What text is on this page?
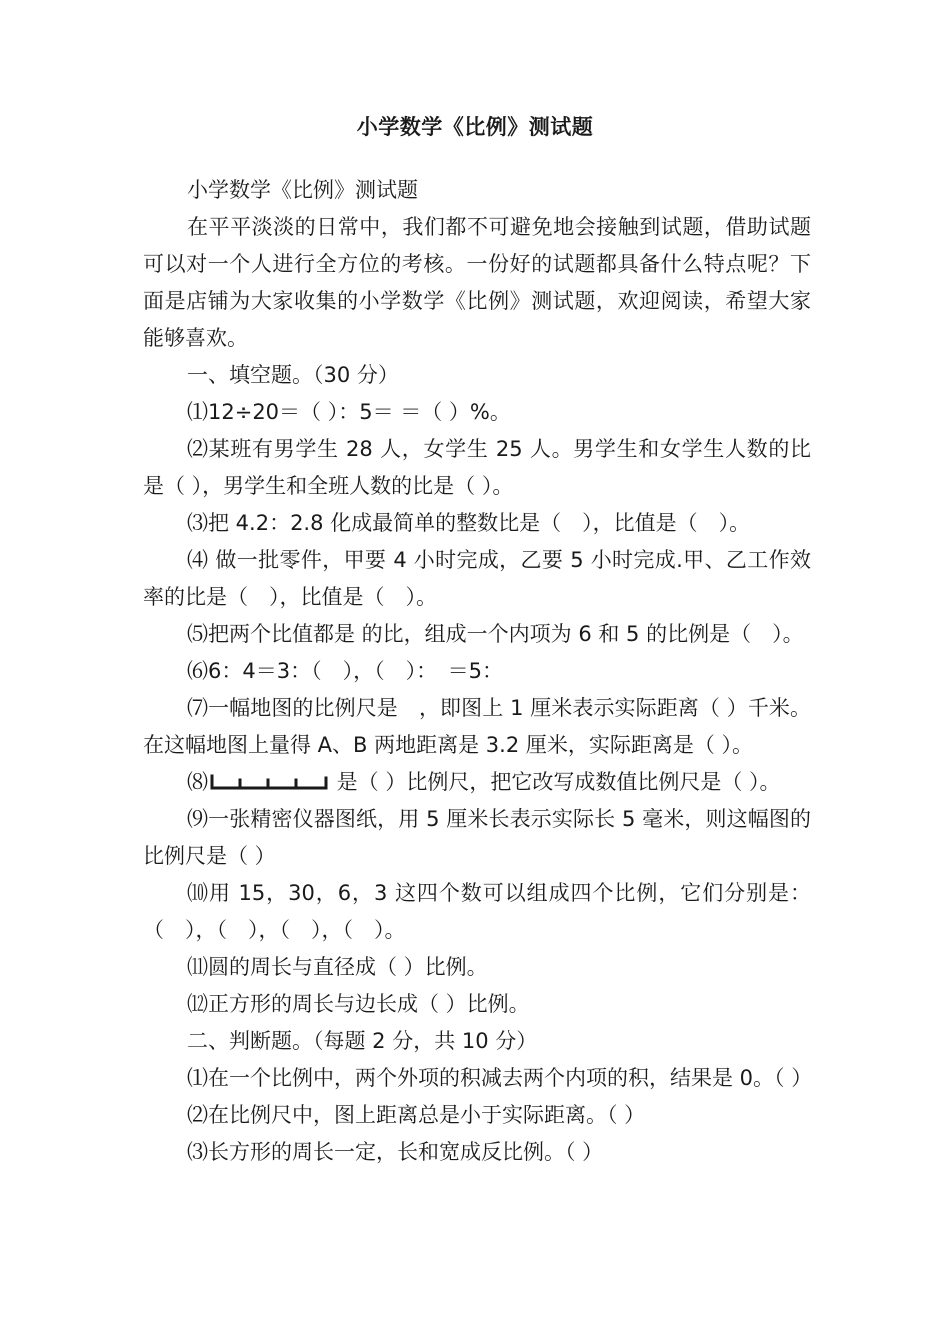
小学数学《比例》测试题

小学数学《比例》测试题

在平平淡淡的日常中，我们都不可避免地会接触到试题，借助试题可以对一个人进行全方位的考核。一份好的试题都具备什么特点呢？下面是店铺为大家收集的小学数学《比例》测试题，欢迎阅读，希望大家能够喜欢。

一、填空题。（30 分）

⑴12÷20＝（ ）：5＝ ＝（ ）%。

⑵某班有男学生 28 人，女学生 25 人。男学生和女学生人数的比是（ ），男学生和全班人数的比是（ ）。

⑶把 4.2：2.8 化成最简单的整数比是（　），比值是（　）。

⑷ 做一批零件，甲要 4 小时完成，乙要 5 小时完成.甲、乙工作效率的比是（　），比值是（　）。

⑸把两个比值都是 的比，组成一个内项为 6 和 5 的比例是（　）。

⑹6：4＝3：（　），（　）：　＝5：

⑺一幅地图的比例尺是　，即图上 1 厘米表示实际距离（ ）千米。在这幅地图上量得 A、B 两地距离是 3.2 厘米，实际距离是（ ）。

⑻	是（ ）比例尺，把它改写成数值比例尺是（ ）。

⑼一张精密仪器图纸，用 5 厘米长表示实际长 5 毫米，则这幅图的比例尺是（ ）

⑽用 15，30，6，3 这四个数可以组成四个比例，它们分别是：（　），（　），（　），（　）。

⑾圆的周长与直径成（ ）比例。

⑿正方形的周长与边长成（ ）比例。

二、判断题。（每题 2 分，共 10 分）

⑴在一个比例中，两个外项的积减去两个内项的积，结果是 0。（ ）

⑵在比例尺中，图上距离总是小于实际距离。（ ）

⑶长方形的周长一定，长和宽成反比例。（ ）
